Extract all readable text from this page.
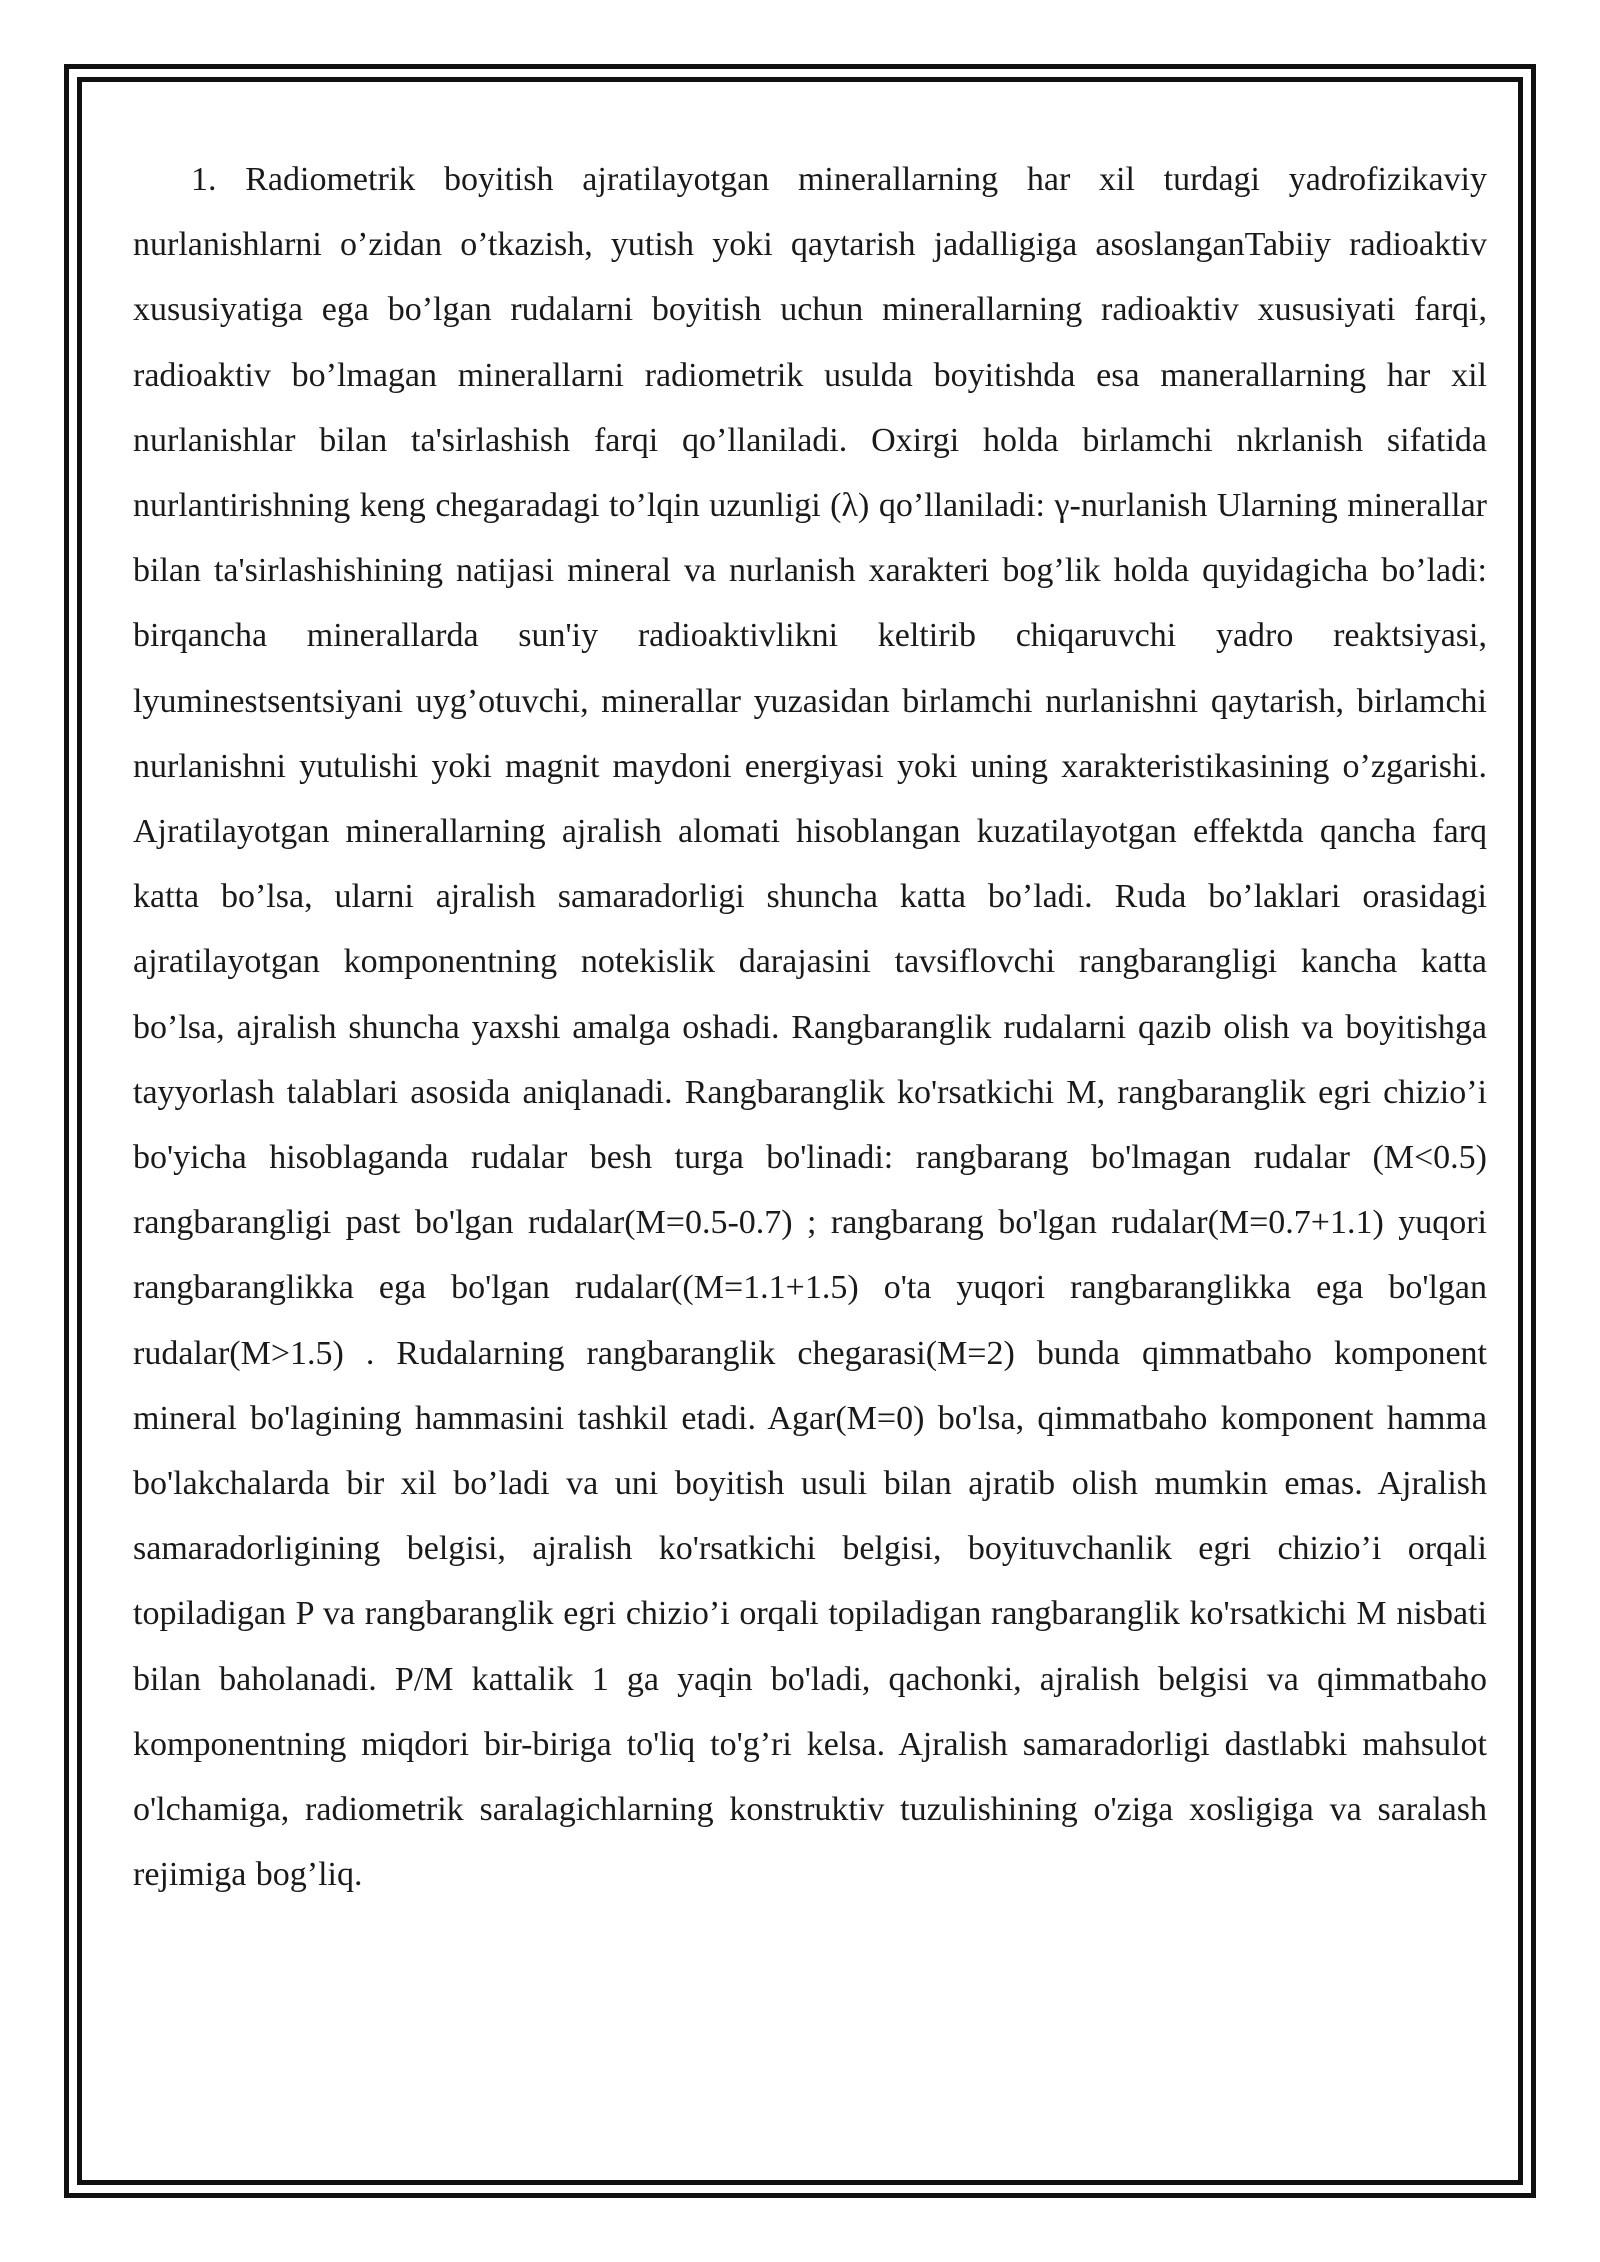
1. Radiometrik boyitish ajratilayotgan minerallarning har xil turdagi yadrofizikaviy nurlanishlarni o’zidan o’tkazish, yutish yoki qaytarish jadalligiga asoslanganTabiiy radioaktiv xususiyatiga ega bo’lgan rudalarni boyitish uchun minerallarning radioaktiv xususiyati farqi, radioaktiv bo’lmagan minerallarni radiometrik usulda boyitishda esa manerallarning har xil nurlanishlar bilan ta'sirlashish farqi qo’llaniladi. Oxirgi holda birlamchi nkrlanish sifatida nurlantirishning keng chegaradagi to’lqin uzunligi (λ) qo’llaniladi: γ-nurlanish Ularning minerallar bilan ta'sirlashishining natijasi mineral va nurlanish xarakteri bog’lik holda quyidagicha bo’ladi: birqancha minerallarda sun'iy radioaktivlikni keltirib chiqaruvchi yadro reaktsiyasi, lyuminestsentsiyani uyg’otuvchi, minerallar yuzasidan birlamchi nurlanishni qaytarish, birlamchi nurlanishni yutulishi yoki magnit maydoni energiyasi yoki uning xarakteristikasining o’zgarishi. Ajratilayotgan minerallarning ajralish alomati hisoblangan kuzatilayotgan effektda qancha farq katta bo’lsa, ularni ajralish samaradorligi shuncha katta bo’ladi. Ruda bo’laklari orasidagi ajratilayotgan komponentning notekislik darajasini tavsiflovchi rangbarangligi kancha katta bo’lsa, ajralish shuncha yaxshi amalga oshadi. Rangbaranglik rudalarni qazib olish va boyitishga tayyorlash talablari asosida aniqlanadi. Rangbaranglik ko'rsatkichi M, rangbaranglik egri chizio’i bo'yicha hisoblaganda rudalar besh turga bo'linadi: rangbarang bo'lmagan rudalar (M<0.5) rangbarangligi past bo'lgan rudalar(M=0.5-0.7) ; rangbarang bo'lgan rudalar(M=0.7+1.1) yuqori rangbaranglikka ega bo'lgan rudalar((M=1.1+1.5) o'ta yuqori rangbaranglikka ega bo'lgan rudalar(M>1.5) . Rudalarning rangbaranglik chegarasi(M=2) bunda qimmatbaho komponent mineral bo'lagining hammasini tashkil etadi. Agar(M=0) bo'lsa, qimmatbaho komponent hamma bo'lakchalarda bir xil bo’ladi va uni boyitish usuli bilan ajratib olish mumkin emas. Ajralish samaradorligining belgisi, ajralish ko'rsatkichi belgisi, boyituvchanlik egri chizio’i orqali topiladigan P va rangbaranglik egri chizio’i orqali topiladigan rangbaranglik ko'rsatkichi M nisbati bilan baholanadi. P/M kattalik 1 ga yaqin bo'ladi, qachonki, ajralish belgisi va qimmatbaho komponentning miqdori bir-biriga to'liq to'g’ri kelsa. Ajralish samaradorligi dastlabki mahsulot o'lchamiga, radiometrik saralagichlarning konstruktiv tuzulishining o'ziga xosligiga va saralash rejimiga bog’liq.
